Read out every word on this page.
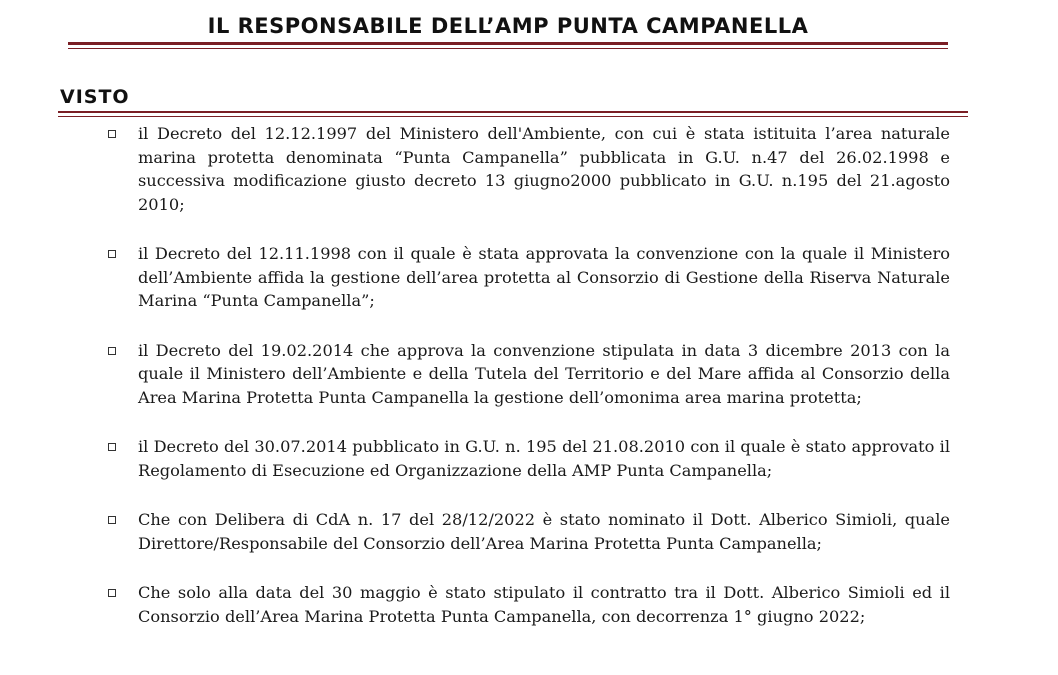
IL RESPONSABILE DELL’AMP PUNTA CAMPANELLA
VISTO
il Decreto del 12.12.1997 del Ministero dell'Ambiente, con cui è stata istituita l’area naturale marina protetta denominata “Punta Campanella” pubblicata in G.U. n.47 del 26.02.1998 e successiva modificazione giusto decreto 13 giugno2000 pubblicato in G.U. n.195 del 21.agosto 2010;
il Decreto del 12.11.1998 con il quale è stata approvata la convenzione con la quale il Ministero dell’Ambiente affida la gestione dell’area protetta al Consorzio di Gestione della Riserva Naturale Marina “Punta Campanella”;
il Decreto del 19.02.2014 che approva la convenzione stipulata in data 3 dicembre 2013 con la quale il Ministero dell’Ambiente e della Tutela del Territorio e del Mare affida al Consorzio della Area Marina Protetta Punta Campanella la gestione dell’omonima area marina protetta;
il Decreto del 30.07.2014 pubblicato in G.U. n. 195 del 21.08.2010 con il quale è stato approvato il Regolamento di Esecuzione ed Organizzazione della AMP Punta Campanella;
Che con Delibera di CdA n. 17 del 28/12/2022 è stato nominato il Dott. Alberico Simioli, quale Direttore/Responsabile del Consorzio dell’Area Marina Protetta Punta Campanella;
Che solo alla data del 30 maggio è stato stipulato il contratto tra il Dott. Alberico Simioli ed il Consorzio dell’Area Marina Protetta Punta Campanella, con decorrenza 1° giugno 2022;
